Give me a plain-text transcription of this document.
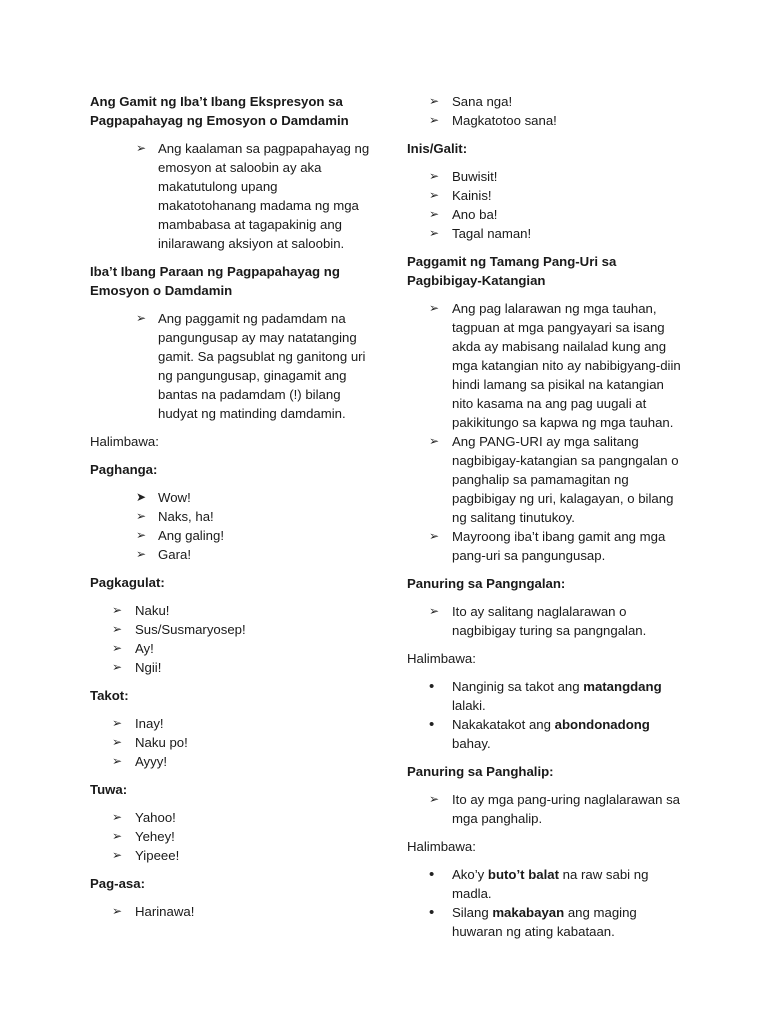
Ang Gamit ng Iba’t Ibang Ekspresyon sa Pagpapahayag ng Emosyon o Damdamin

➢ Ang kaalaman sa pagpapahayag ng emosyon at saloobin ay aka makatutulong upang makatotohanang madama ng mga mambabasa at tagapakinig ang inilarawang aksiyon at saloobin.

Iba’t Ibang Paraan ng Pagpapahayag ng Emosyon o Damdamin

➢ Ang paggamit ng padamdam na pangungusap ay may natatanging gamit. Sa pagsublat ng ganitong uri ng pangungusap, ginagamit ang bantas na padamdam (!) bilang hudyat ng matinding damdamin.

Halimbawa:

Paghanga:

➤ Wow!
➢ Naks, ha!
➢ Ang galing!
➢ Gara!

Pagkagulat:

➢ Naku!
➢ Sus/Susmaryosep!
➢ Ay!
➢ Ngii!

Takot:

➢ Inay!
➢ Naku po!
➢ Ayyy!

Tuwa:

➢ Yahoo!
➢ Yehey!
➢ Yipeee!

Pag-asa:

➢ Harinawa!
➢ Sana nga!
➢ Magkatotoo sana!

Inis/Galit:

➢ Buwisit!
➢ Kainis!
➢ Ano ba!
➢ Tagal naman!

Paggamit ng Tamang Pang-Uri sa Pagbibigay-Katangian

➢ Ang pag lalarawan ng mga tauhan, tagpuan at mga pangyayari sa isang akda ay mabisang nailalad kung ang mga katangian nito ay nabibigyang-diin hindi lamang sa pisikal na katangian nito kasama na ang pag uugali at pakikitungo sa kapwa ng mga tauhan.
➢ Ang PANG-URI ay mga salitang nagbibigay-katangian sa pangngalan o panghalip sa pamamagitan ng pagbibigay ng uri, kalagayan, o bilang ng salitang tinutukoy.
➢ Mayroong iba’t ibang gamit ang mga pang-uri sa pangungusap.

Panuring sa Pangngalan:

➢ Ito ay salitang naglalarawan o nagbibigay turing sa pangngalan.

Halimbawa:

•	Nanginig sa takot ang matangdang lalaki.
•	Nakakatakot ang abondonadong bahay.

Panuring sa Panghalip:

➢ Ito ay mga pang-uring naglalarawan sa mga panghalip.

Halimbawa:

•	Ako’y buto’t balat na raw sabi ng madla.
•	Silang makabayan ang maging huwaran ng ating kabataan.
